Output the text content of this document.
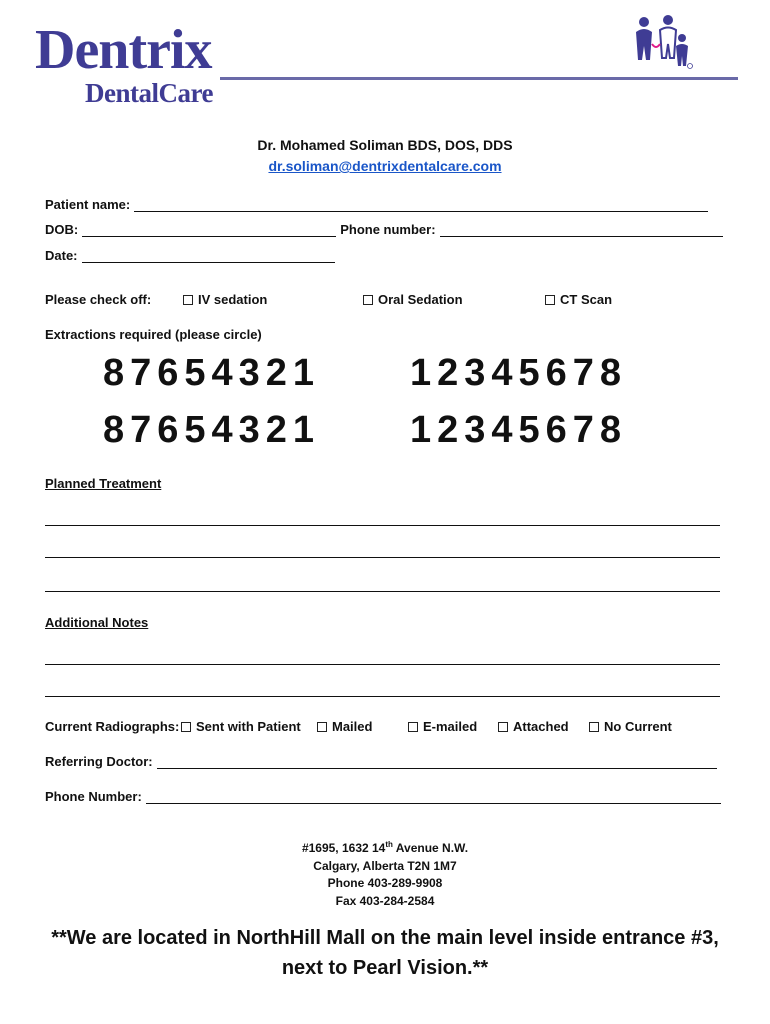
Dentrix
DentalCare
Dr. Mohamed Soliman BDS, DOS, DDS
dr.soliman@dentrixdentalcare.com
Patient name:
DOB:	Phone number:
Date:
Please check off:	IV sedation	Oral Sedation	CT Scan
Extractions required (please circle)
87654321 12345678
87654321 12345678
Planned Treatment
Additional Notes
Current Radiographs:	Sent with Patient	Mailed	E-mailed	Attached	No Current
Referring Doctor:
Phone Number:
#1695, 1632 14th Avenue N.W.
Calgary, Alberta T2N 1M7
Phone 403-289-9908
Fax 403-284-2584
**We are located in NorthHill Mall on the main level inside entrance #3,
next to Pearl Vision.**
